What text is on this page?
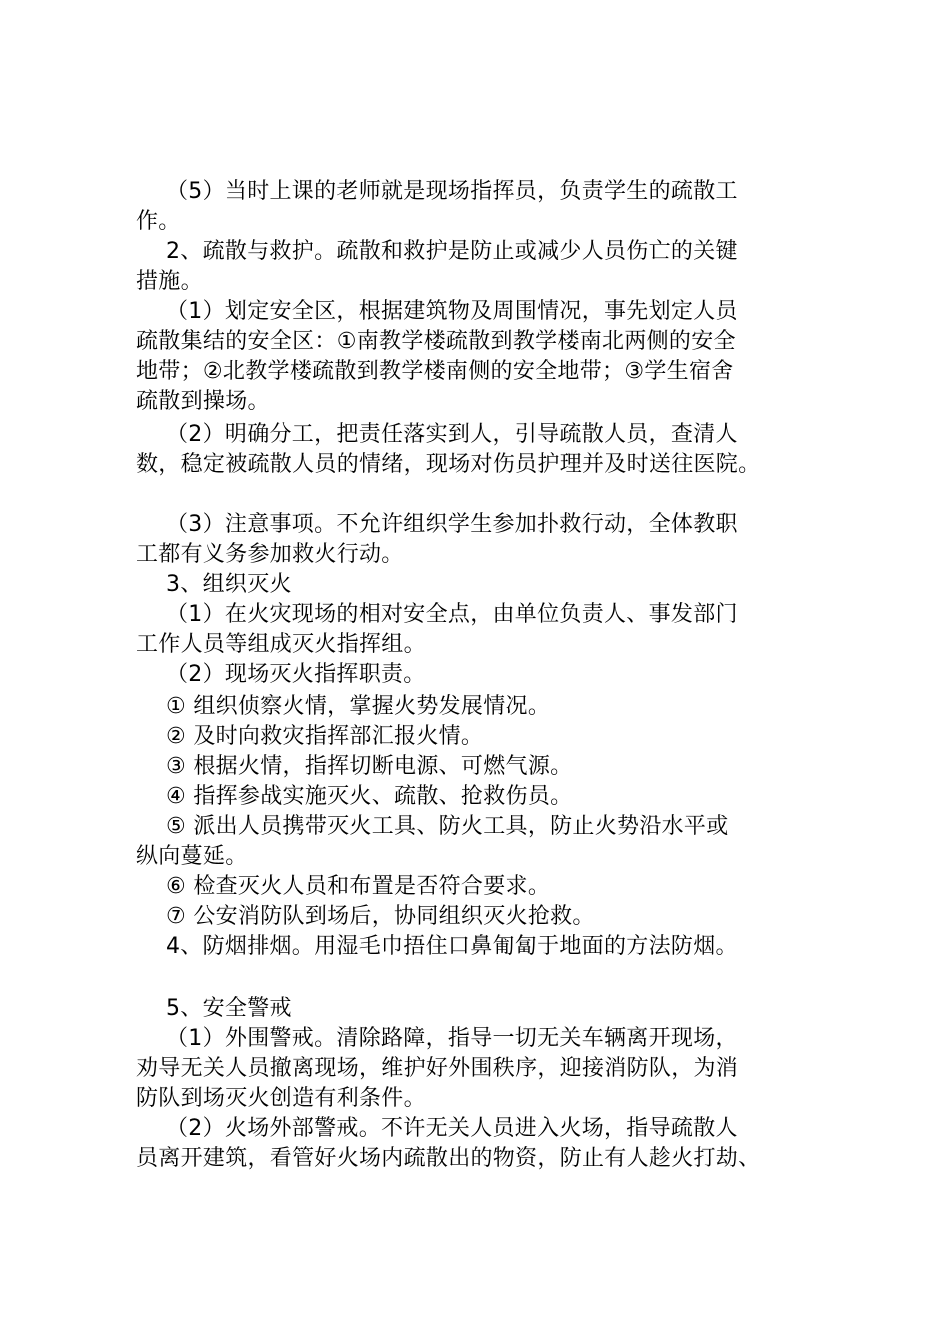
（5）当时上课的老师就是现场指挥员，负责学生的疏散工
作。
2、疏散与救护。疏散和救护是防止或减少人员伤亡的关键
措施。
（1）划定安全区，根据建筑物及周围情况，事先划定人员
疏散集结的安全区：①南教学楼疏散到教学楼南北两侧的安全
地带；②北教学楼疏散到教学楼南侧的安全地带；③学生宿舍
疏散到操场。
（2）明确分工，把责任落实到人，引导疏散人员，查清人
数，稳定被疏散人员的情绪，现场对伤员护理并及时送往医院。
（3）注意事项。不允许组织学生参加扑救行动，全体教职
工都有义务参加救火行动。
3、组织灭火
（1）在火灾现场的相对安全点，由单位负责人、事发部门
工作人员等组成灭火指挥组。
（2）现场灭火指挥职责。
① 组织侦察火情，掌握火势发展情况。
② 及时向救灾指挥部汇报火情。
③ 根据火情，指挥切断电源、可燃气源。
④ 指挥参战实施灭火、疏散、抢救伤员。
⑤ 派出人员携带灭火工具、防火工具，防止火势沿水平或
纵向蔓延。
⑥ 检查灭火人员和布置是否符合要求。
⑦ 公安消防队到场后，协同组织灭火抢救。
4、防烟排烟。用湿毛巾捂住口鼻匍匐于地面的方法防烟。
5、安全警戒
（1）外围警戒。清除路障，指导一切无关车辆离开现场，
劝导无关人员撤离现场，维护好外围秩序，迎接消防队，为消
防队到场灭火创造有利条件。
（2）火场外部警戒。不许无关人员进入火场，指导疏散人
员离开建筑，看管好火场内疏散出的物资，防止有人趁火打劫、
